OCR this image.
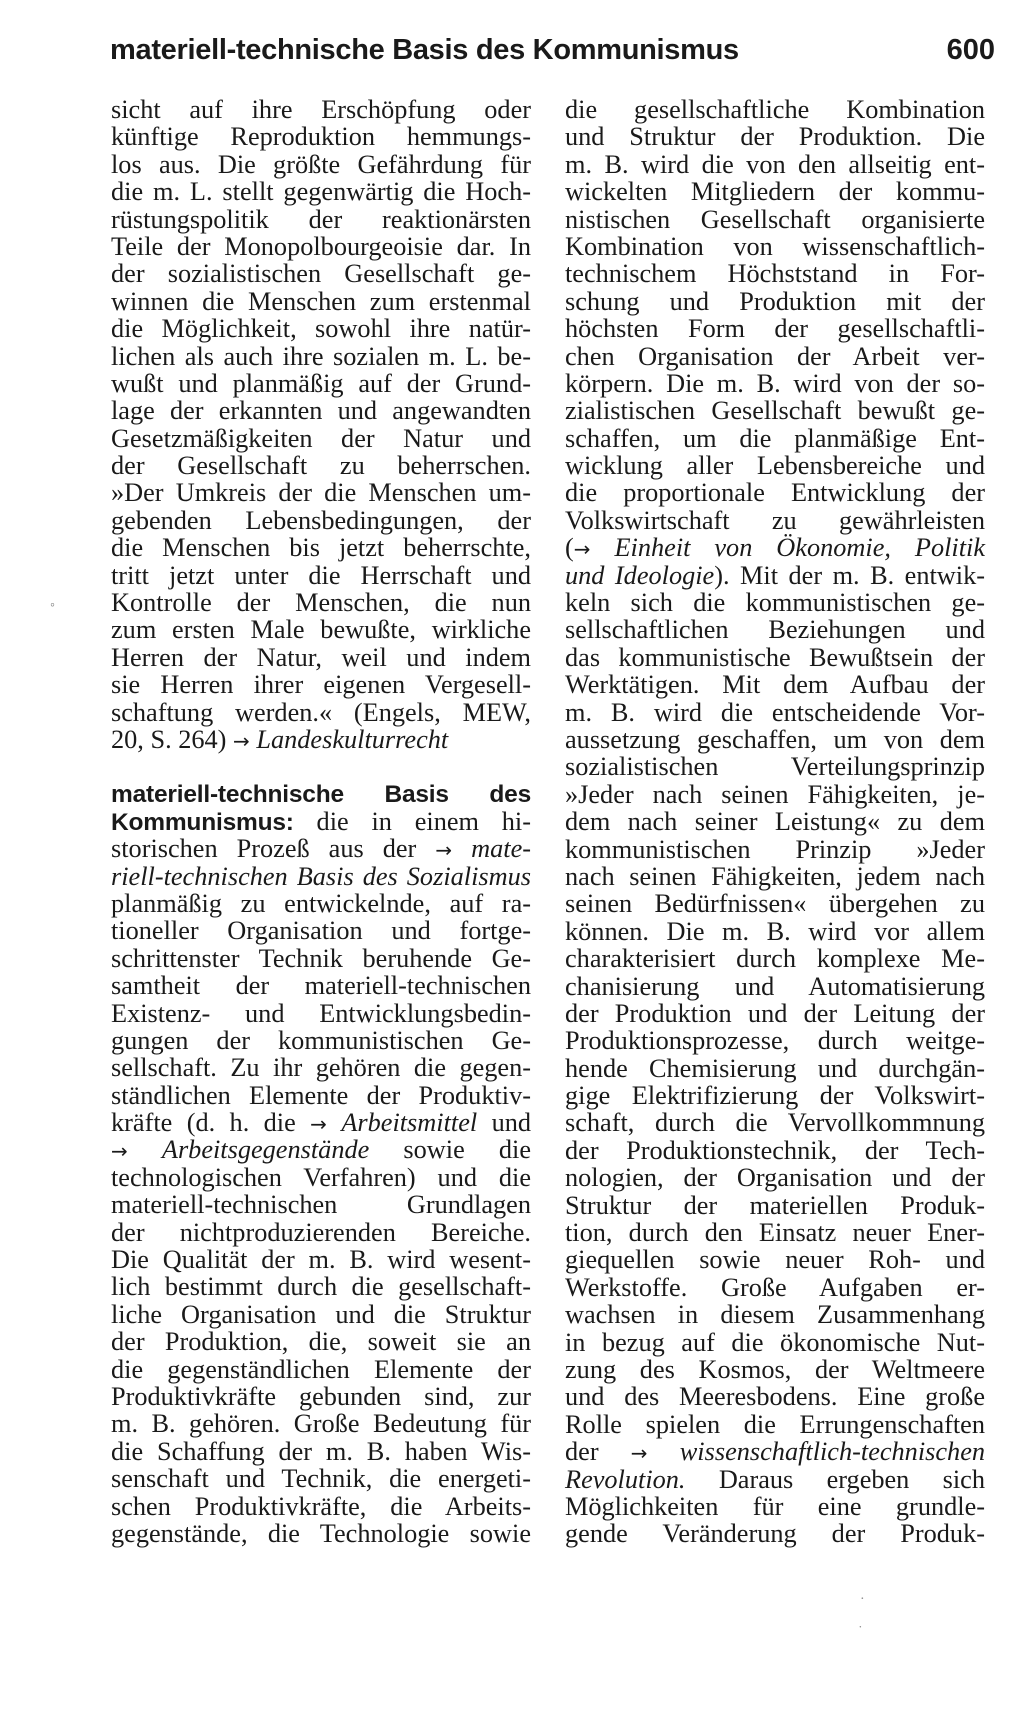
materiell-technische Basis des Kommunismus	600
◦
·
˙
sicht auf ihre Erschöpfung oder
künftige Reproduktion hemmungs-
los aus. Die größte Gefährdung für
die m. L. stellt gegenwärtig die Hoch-
rüstungspolitik der reaktionärsten
Teile der Monopolbourgeoisie dar. In
der sozialistischen Gesellschaft ge-
winnen die Menschen zum erstenmal
die Möglichkeit, sowohl ihre natür-
lichen als auch ihre sozialen m. L. be-
wußt und planmäßig auf der Grund-
lage der erkannten und angewandten
Gesetzmäßigkeiten der Natur und
der Gesellschaft zu beherrschen.
»Der Umkreis der die Menschen um-
gebenden Lebensbedingungen, der
die Menschen bis jetzt beherrschte,
tritt jetzt unter die Herrschaft und
Kontrolle der Menschen, die nun
zum ersten Male bewußte, wirkliche
Herren der Natur, weil und indem
sie Herren ihrer eigenen Vergesell-
schaftung werden.« (Engels, MEW,
20, S. 264) → Landeskulturrecht
materiell-technische Basis des
Kommunismus: die in einem hi-
storischen Prozeß aus der → mate-
riell-technischen Basis des Sozialismus
planmäßig zu entwickelnde, auf ra-
tioneller Organisation und fortge-
schrittenster Technik beruhende Ge-
samtheit der materiell-technischen
Existenz- und Entwicklungsbedin-
gungen der kommunistischen Ge-
sellschaft. Zu ihr gehören die gegen-
ständlichen Elemente der Produktiv-
kräfte (d. h. die → Arbeitsmittel und
→ Arbeitsgegenstände sowie die
technologischen Verfahren) und die
materiell-technischen Grundlagen
der nichtproduzierenden Bereiche.
Die Qualität der m. B. wird wesent-
lich bestimmt durch die gesellschaft-
liche Organisation und die Struktur
der Produktion, die, soweit sie an
die gegenständlichen Elemente der
Produktivkräfte gebunden sind, zur
m. B. gehören. Große Bedeutung für
die Schaffung der m. B. haben Wis-
senschaft und Technik, die energeti-
schen Produktivkräfte, die Arbeits-
gegenstände, die Technologie sowie
die gesellschaftliche Kombination
und Struktur der Produktion. Die
m. B. wird die von den allseitig ent-
wickelten Mitgliedern der kommu-
nistischen Gesellschaft organisierte
Kombination von wissenschaftlich-
technischem Höchststand in For-
schung und Produktion mit der
höchsten Form der gesellschaftli-
chen Organisation der Arbeit ver-
körpern. Die m. B. wird von der so-
zialistischen Gesellschaft bewußt ge-
schaffen, um die planmäßige Ent-
wicklung aller Lebensbereiche und
die proportionale Entwicklung der
Volkswirtschaft zu gewährleisten
(→ Einheit von Ökonomie, Politik
und Ideologie). Mit der m. B. entwik-
keln sich die kommunistischen ge-
sellschaftlichen Beziehungen und
das kommunistische Bewußtsein der
Werktätigen. Mit dem Aufbau der
m. B. wird die entscheidende Vor-
aussetzung geschaffen, um von dem
sozialistischen Verteilungsprinzip
»Jeder nach seinen Fähigkeiten, je-
dem nach seiner Leistung« zu dem
kommunistischen Prinzip »Jeder
nach seinen Fähigkeiten, jedem nach
seinen Bedürfnissen« übergehen zu
können. Die m. B. wird vor allem
charakterisiert durch komplexe Me-
chanisierung und Automatisierung
der Produktion und der Leitung der
Produktionsprozesse, durch weitge-
hende Chemisierung und durchgän-
gige Elektrifizierung der Volkswirt-
schaft, durch die Vervollkommnung
der Produktionstechnik, der Tech-
nologien, der Organisation und der
Struktur der materiellen Produk-
tion, durch den Einsatz neuer Ener-
giequellen sowie neuer Roh- und
Werkstoffe. Große Aufgaben er-
wachsen in diesem Zusammenhang
in bezug auf die ökonomische Nut-
zung des Kosmos, der Weltmeere
und des Meeresbodens. Eine große
Rolle spielen die Errungenschaften
der → wissenschaftlich-technischen
Revolution. Daraus ergeben sich
Möglichkeiten für eine grundle-
gende Veränderung der Produk-
